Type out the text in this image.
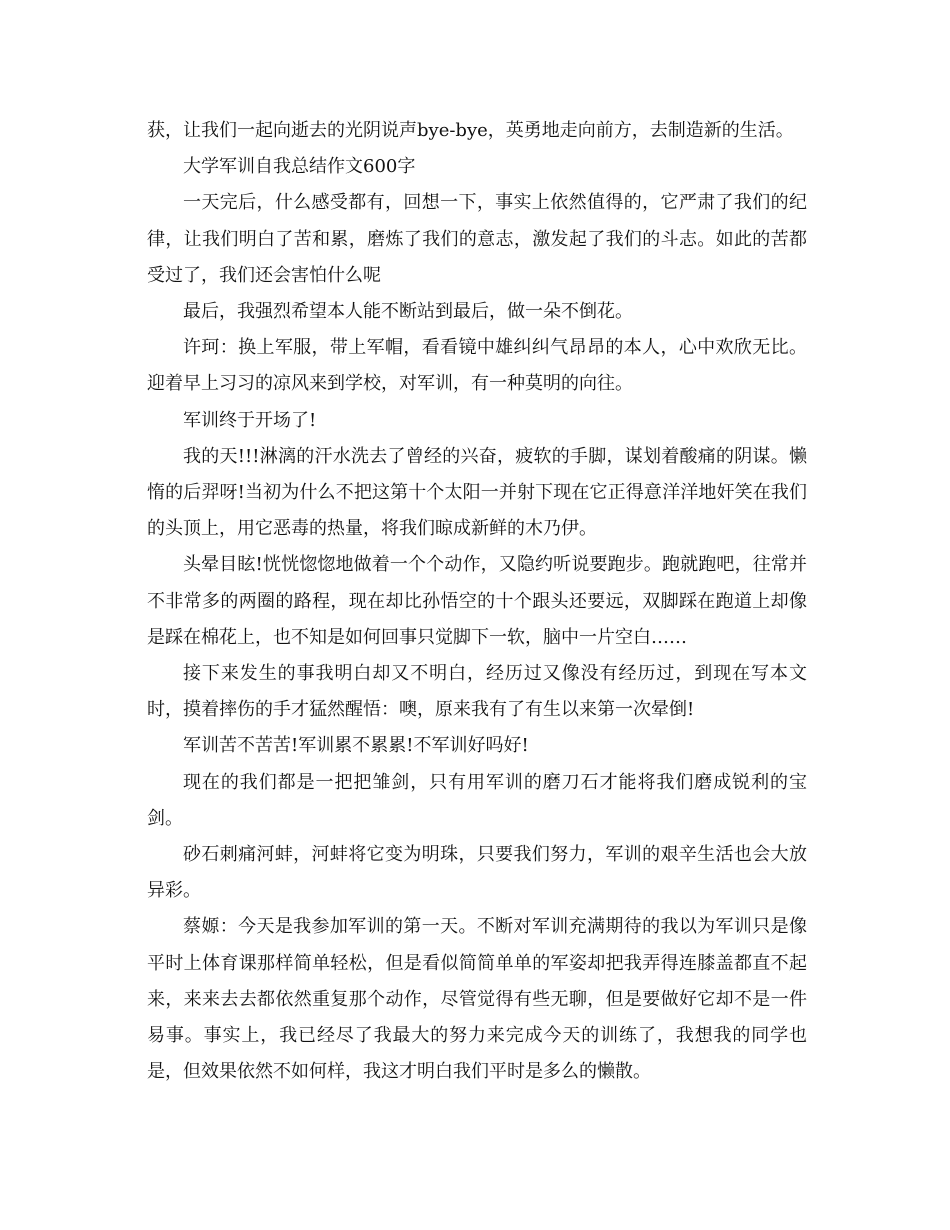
获，让我们一起向逝去的光阴说声bye-bye，英勇地走向前方，去制造新的生活。

大学军训自我总结作文600字

一天完后，什么感受都有，回想一下，事实上依然值得的，它严肃了我们的纪律，让我们明白了苦和累，磨炼了我们的意志，激发起了我们的斗志。如此的苦都受过了，我们还会害怕什么呢

最后，我强烈希望本人能不断站到最后，做一朵不倒花。

许珂：换上军服，带上军帽，看看镜中雄纠纠气昂昂的本人，心中欢欣无比。迎着早上习习的凉风来到学校，对军训，有一种莫明的向往。

军训终于开场了!

我的天!!!淋漓的汗水洗去了曾经的兴奋，疲软的手脚，谋划着酸痛的阴谋。懒惰的后羿呀!当初为什么不把这第十个太阳一并射下现在它正得意洋洋地奸笑在我们的头顶上，用它恶毒的热量，将我们晾成新鲜的木乃伊。

头晕目眩!恍恍惚惚地做着一个个动作，又隐约听说要跑步。跑就跑吧，往常并不非常多的两圈的路程，现在却比孙悟空的十个跟头还要远，双脚踩在跑道上却像是踩在棉花上，也不知是如何回事只觉脚下一软，脑中一片空白……

接下来发生的事我明白却又不明白，经历过又像没有经历过，到现在写本文时，摸着摔伤的手才猛然醒悟：噢，原来我有了有生以来第一次晕倒!

军训苦不苦苦!军训累不累累!不军训好吗好!

现在的我们都是一把把雏剑，只有用军训的磨刀石才能将我们磨成锐利的宝剑。

砂石刺痛河蚌，河蚌将它变为明珠，只要我们努力，军训的艰辛生活也会大放异彩。

蔡嫄：今天是我参加军训的第一天。不断对军训充满期待的我以为军训只是像平时上体育课那样简单轻松，但是看似简简单单的军姿却把我弄得连膝盖都直不起来，来来去去都依然重复那个动作，尽管觉得有些无聊，但是要做好它却不是一件易事。事实上，我已经尽了我最大的努力来完成今天的训练了，我想我的同学也是，但效果依然不如何样，我这才明白我们平时是多么的懒散。
